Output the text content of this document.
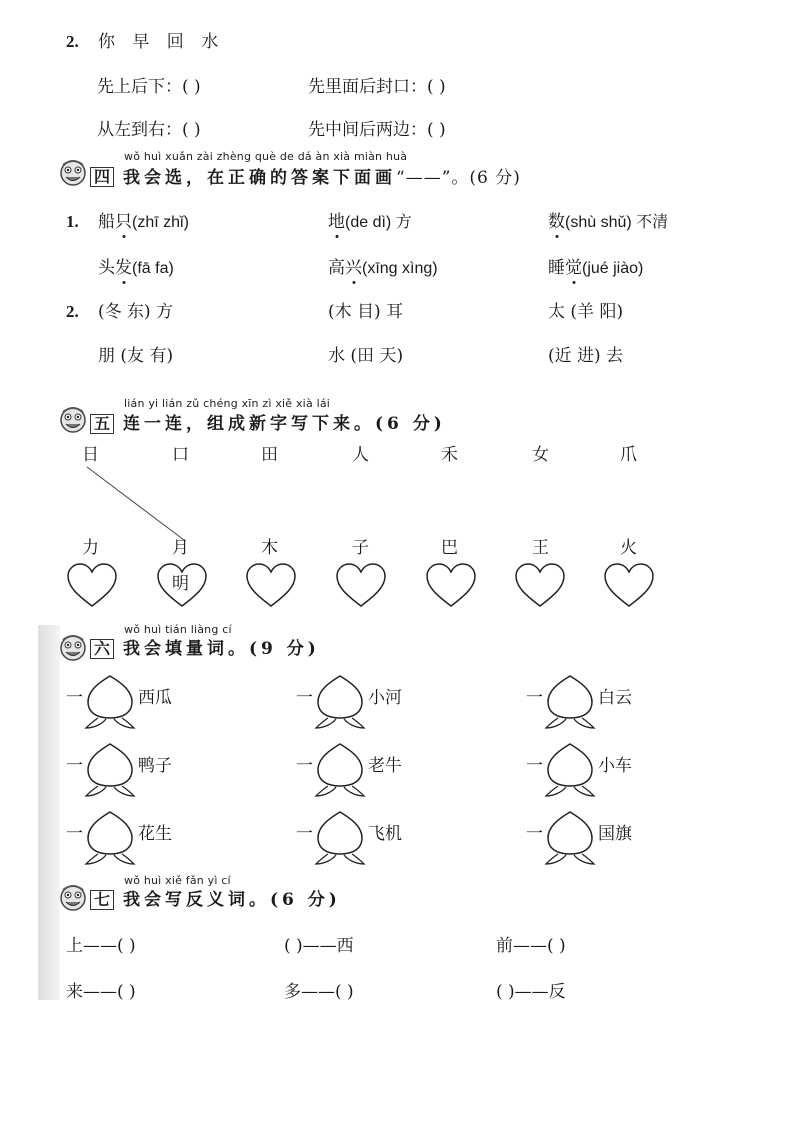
2. 你 早 回 水
先上后下：( )	先里面后封口：( )
从左到右：( )	先中间后两边：( )
wǒ huì xuǎn zài zhèng què de dá àn xià miàn huà
四 我会选，在正确的答案下面画“——”。(6 分)
1. 船只(zhī zhǐ)	地(de dì) 方	数(shù shǔ) 不清
头发(fā fa)	高兴(xīng xìng)	睡觉(jué jiào)
2. (冬 东) 方	(木 目) 耳	太 (羊 阳)
朋 (友 有)	水 (田 天)	(近 进) 去
lián yi lián zǔ chéng xīn zì xiě xià lái
五 连一连，组成新字写下来。(6 分)
日	口	田	人	禾	女	爪
力	月	木	子	巴	王	火
明
wǒ huì tián liàng cí
六 我会填量词。(9 分)
一	西瓜	一	小河	一	白云
一	鸭子	一	老牛	一	小车
一	花生	一	飞机	一	国旗
wǒ huì xiě fǎn yì cí
七 我会写反义词。(6 分)
上——( )	( )——西	前——( )
来——( )	多——( )	( )——反
